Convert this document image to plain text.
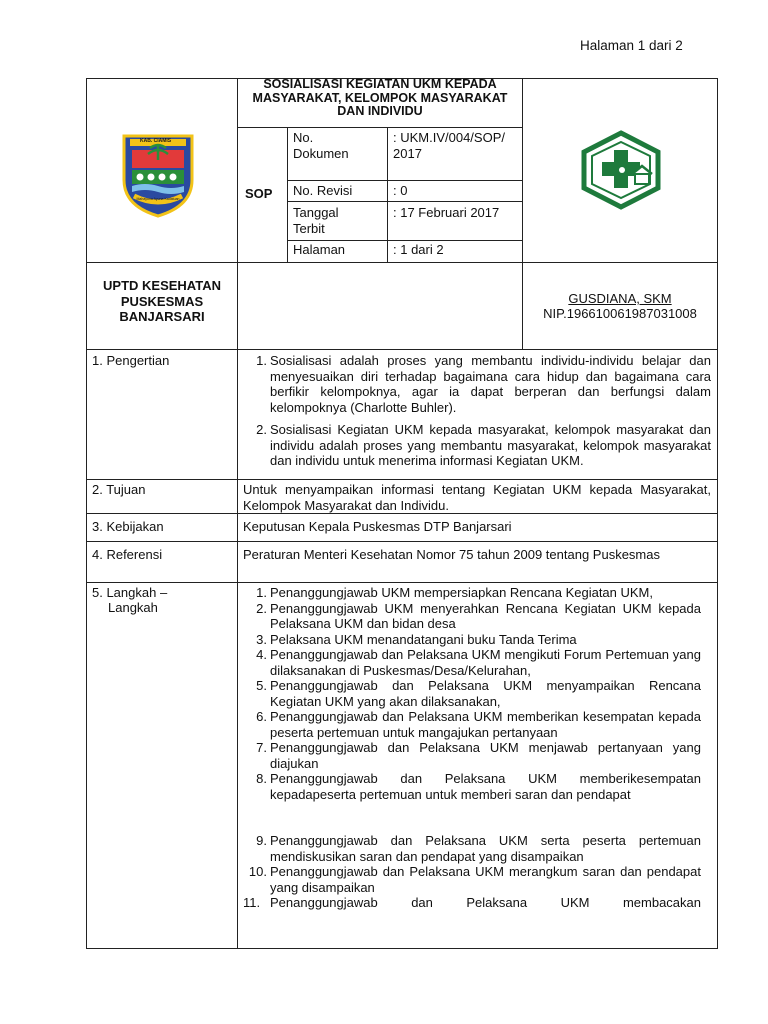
Halaman 1 dari 2
KAB. CIAMIS
Mahayuna Ayuna Kadatuan
SOSIALISASI KEGIATAN UKM KEPADA MASYARAKAT, KELOMPOK MASYARAKAT DAN INDIVIDU
SOP
No. Dokumen
: UKM.IV/004/SOP/ 2017
No. Revisi	: 0
Tanggal Terbit
: 17 Februari 2017
Halaman	: 1 dari 2
UPTD KESEHATAN PUSKESMAS BANJARSARI
GUSDIANA, SKM
NIP.196610061987031008
1. Pengertian	1. Sosialisasi adalah proses yang membantu individu-individu belajar dan menyesuaikan diri terhadap bagaimana cara hidup dan bagaimana cara berfikir kelompoknya, agar ia dapat berperan dan berfungsi dalam kelompoknya (Charlotte Buhler).
2. Sosialisasi Kegiatan UKM kepada masyarakat, kelompok masyarakat dan individu adalah proses yang membantu masyarakat, kelompok masyarakat dan individu untuk menerima informasi Kegiatan UKM.
2. Tujuan	Untuk menyampaikan informasi tentang Kegiatan UKM kepada Masyarakat, Kelompok Masyarakat dan Individu.
3. Kebijakan	Keputusan Kepala Puskesmas DTP Banjarsari
4. Referensi	Peraturan Menteri Kesehatan Nomor 75 tahun 2009 tentang Puskesmas
5. Langkah –
Langkah
1. Penanggungjawab UKM mempersiapkan Rencana Kegiatan UKM,
2. Penanggungjawab UKM menyerahkan Rencana Kegiatan UKM kepada Pelaksana UKM dan bidan desa
3. Pelaksana UKM menandatangani buku Tanda Terima
4. Penanggungjawab dan Pelaksana UKM mengikuti Forum Pertemuan yang dilaksanakan di Puskesmas/Desa/Kelurahan,
5. Penanggungjawab dan Pelaksana UKM menyampaikan Rencana Kegiatan UKM yang akan dilaksanakan,
6. Penanggungjawab dan Pelaksana UKM memberikan kesempatan kepada peserta pertemuan untuk mangajukan pertanyaan
7. Penanggungjawab dan Pelaksana UKM menjawab pertanyaan yang diajukan
8. Penanggungjawab dan Pelaksana UKM memberikesempatan kepadapeserta pertemuan untuk memberi saran dan pendapat
9. Penanggungjawab dan Pelaksana UKM serta peserta pertemuan mendiskusikan saran dan pendapat yang disampaikan
10. Penanggungjawab dan Pelaksana UKM merangkum saran dan pendapat yang disampaikan
11. Penanggungjawab dan Pelaksana UKM membacakan
